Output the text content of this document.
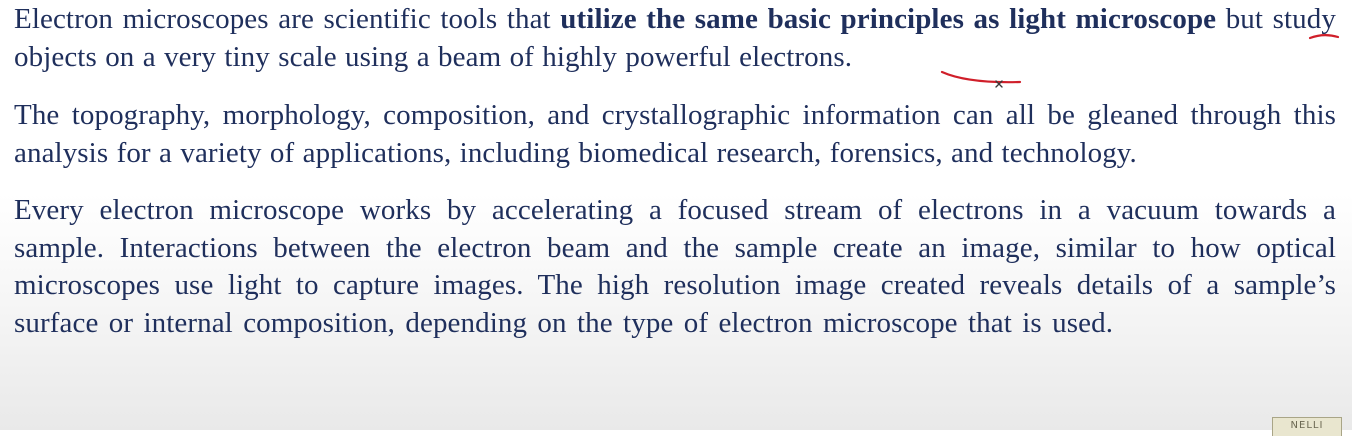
Electron microscopes are scientific tools that utilize the same basic principles as light microscope but study objects on a very tiny scale using a beam of highly powerful electrons.

The topography, morphology, composition, and crystallographic information can all be gleaned through this analysis for a variety of applications, including biomedical research, forensics, and technology.

Every electron microscope works by accelerating a focused stream of electrons in a vacuum towards a sample. Interactions between the electron beam and the sample create an image, similar to how optical microscopes use light to capture images. The high resolution image created reveals details of a sample’s surface or internal composition, depending on the type of electron microscope that is used.

NELLI
